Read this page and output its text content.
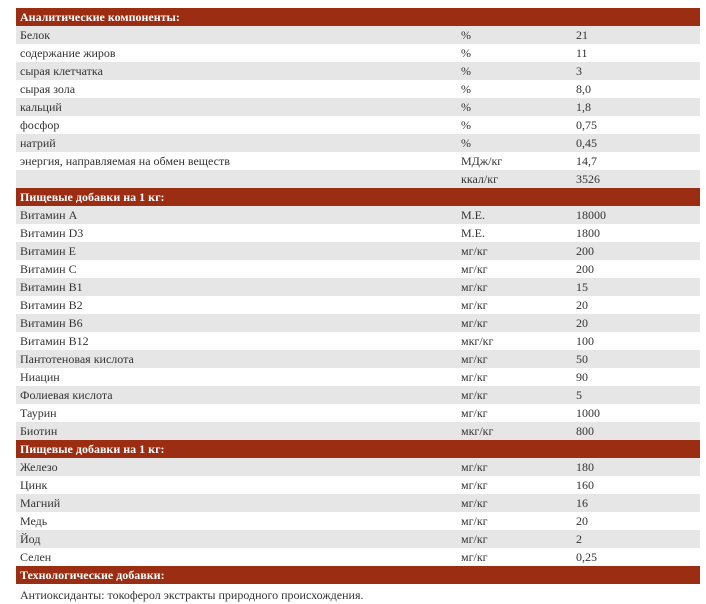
Аналитические компоненты:		
Белок	%	21
содержание жиров	%	11
сырая клетчатка	%	3
сырая зола	%	8,0
кальций	%	1,8
фосфор	%	0,75
натрий	%	0,45
энергия, направляемая на обмен веществ	МДж/кг	14,7
	ккал/кг	3526
Пищевые добавки на 1 кг:		
Витамин A	М.Е.	18000
Витамин D3	М.Е.	1800
Витамин E	мг/кг	200
Витамин C	мг/кг	200
Витамин B1	мг/кг	15
Витамин B2	мг/кг	20
Витамин B6	мг/кг	20
Витамин B12	мкг/кг	100
Пантотеновая кислота	мг/кг	50
Ниацин	мг/кг	90
Фолиевая кислота	мг/кг	5
Таурин	мг/кг	1000
Биотин	мкг/кг	800
Пищевые добавки на 1 кг:		
Железо	мг/кг	180
Цинк	мг/кг	160
Магний	мг/кг	16
Медь	мг/кг	20
Йод	мг/кг	2
Селен	мг/кг	0,25
Технологические добавки:		
Антиоксиданты: токоферол экстракты природного происхождения.
